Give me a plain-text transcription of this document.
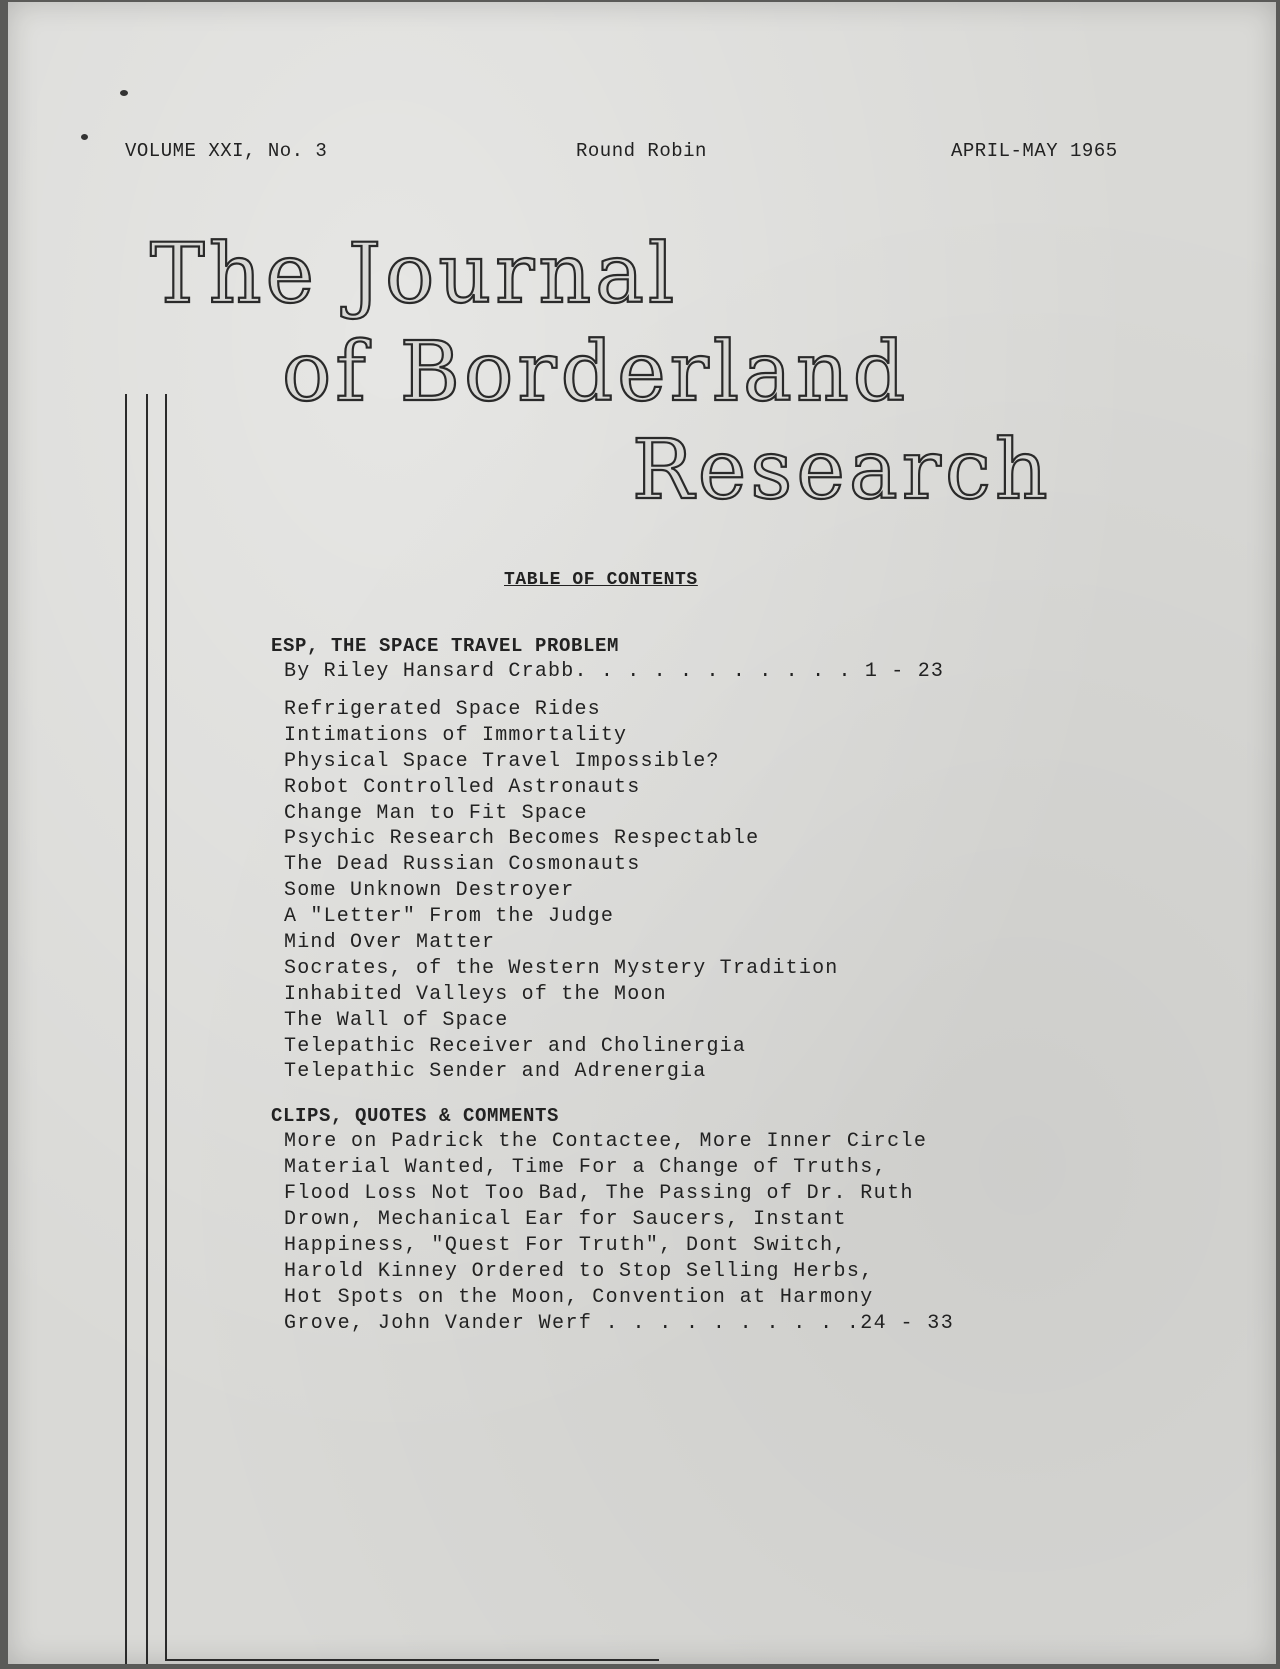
VOLUME XXI, No. 3	Round Robin	APRIL-MAY 1965
The Journal
of Borderland
Research
TABLE OF CONTENTS
ESP, THE SPACE TRAVEL PROBLEM
By Riley Hansard Crabb. . . . . . . . . . . 1 - 23
Refrigerated Space Rides
Intimations of Immortality
Physical Space Travel Impossible?
Robot Controlled Astronauts
Change Man to Fit Space
Psychic Research Becomes Respectable
The Dead Russian Cosmonauts
Some Unknown Destroyer
A "Letter" From the Judge
Mind Over Matter
Socrates, of the Western Mystery Tradition
Inhabited Valleys of the Moon
The Wall of Space
Telepathic Receiver and Cholinergia
Telepathic Sender and Adrenergia
CLIPS, QUOTES & COMMENTS
More on Padrick the Contactee, More Inner Circle
Material Wanted, Time For a Change of Truths,
Flood Loss Not Too Bad, The Passing of Dr. Ruth
Drown, Mechanical Ear for Saucers, Instant
Happiness, "Quest For Truth", Dont Switch,
Harold Kinney Ordered to Stop Selling Herbs,
Hot Spots on the Moon, Convention at Harmony
Grove, John Vander Werf . . . . . . . . . .24 - 33
